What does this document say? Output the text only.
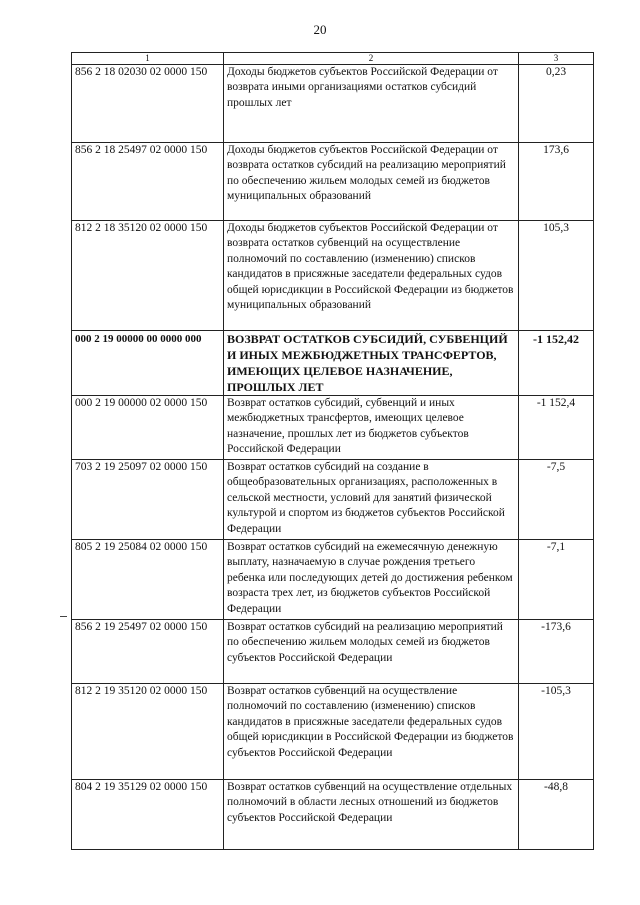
20
1	2	3
856 2 18 02030 02 0000 150	Доходы бюджетов субъектов Российской Федерации от возврата иными организациями остатков субсидий прошлых лет	0,23
856 2 18 25497 02 0000 150	Доходы бюджетов субъектов Российской Федерации от возврата остатков субсидий на реализацию мероприятий по обеспечению жильем молодых семей из бюджетов муниципальных образований	173,6
812 2 18 35120 02 0000 150	Доходы бюджетов субъектов Российской Федерации от возврата остатков субвенций на осуществление полномочий по составлению (изменению) списков кандидатов в присяжные заседатели федеральных судов общей юрисдикции в Российской Федерации из бюджетов муниципальных образований	105,3
000 2 19 00000 00 0000 000	ВОЗВРАТ ОСТАТКОВ СУБСИДИЙ, СУБВЕНЦИЙ И ИНЫХ МЕЖБЮДЖЕТНЫХ ТРАНСФЕРТОВ, ИМЕЮЩИХ ЦЕЛЕВОЕ НАЗНАЧЕНИЕ, ПРОШЛЫХ ЛЕТ	-1 152,42
000 2 19 00000 02 0000 150	Возврат остатков субсидий, субвенций и иных межбюджетных трансфертов, имеющих целевое назначение, прошлых лет из бюджетов субъектов Российской Федерации	-1 152,4
703 2 19 25097 02 0000 150	Возврат остатков субсидий на создание в общеобразовательных организациях, расположенных в сельской местности, условий для занятий физической культурой и спортом из бюджетов субъектов Российской Федерации	-7,5
805 2 19 25084 02 0000 150	Возврат остатков субсидий на ежемесячную денежную выплату, назначаемую в случае рождения третьего ребенка или последующих детей до достижения ребенком возраста трех лет, из бюджетов субъектов Российской Федерации	-7,1
856 2 19 25497 02 0000 150	Возврат остатков субсидий на реализацию мероприятий по обеспечению жильем молодых семей из бюджетов субъектов Российской Федерации	-173,6
812 2 19 35120 02 0000 150	Возврат остатков субвенций на осуществление полномочий по составлению (изменению) списков кандидатов в присяжные заседатели федеральных судов общей юрисдикции в Российской Федерации из бюджетов субъектов Российской Федерации	-105,3
804 2 19 35129 02 0000 150	Возврат остатков субвенций на осуществление отдельных полномочий в области лесных отношений из бюджетов субъектов Российской Федерации	-48,8
